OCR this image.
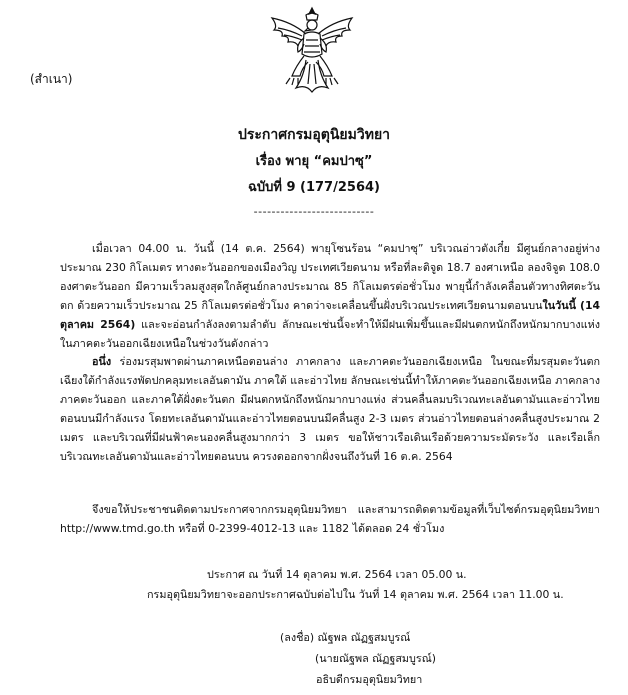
(สำเนา)
ประกาศกรมอุตุนิยมวิทยา
เรื่อง พายุ “คมปาซุ”
ฉบับที่ 9 (177/2564)
---------------------------
เมื่อเวลา 04.00 น. วันนี้ (14 ต.ค. 2564) พายุโซนร้อน “คมปาซุ” บริเวณอ่าวตังเกี๋ย มีศูนย์กลางอยู่ห่างประมาณ 230 กิโลเมตร ทางตะวันออกของเมืองวิญ ประเทศเวียดนาม หรือที่ละติจูด 18.7 องศาเหนือ ลองจิจูด 108.0 องศาตะวันออก มีความเร็วลมสูงสุดใกล้ศูนย์กลางประมาณ 85 กิโลเมตรต่อชั่วโมง พายุนี้กำลังเคลื่อนตัวทางทิศตะวันตก ด้วยความเร็วประมาณ 25 กิโลเมตรต่อชั่วโมง คาดว่าจะเคลื่อนขึ้นฝั่งบริเวณประเทศเวียดนามตอนบนในวันนี้ (14 ตุลาคม 2564) และจะอ่อนกำลังลงตามลำดับ ลักษณะเช่นนี้จะทำให้มีฝนเพิ่มขึ้นและมีฝนตกหนักถึงหนักมากบางแห่งในภาคตะวันออกเฉียงเหนือในช่วงวันดังกล่าว
อนึ่ง ร่องมรสุมพาดผ่านภาคเหนือตอนล่าง ภาคกลาง และภาคตะวันออกเฉียงเหนือ ในขณะที่มรสุมตะวันตกเฉียงใต้กำลังแรงพัดปกคลุมทะเลอันดามัน ภาคใต้ และอ่าวไทย ลักษณะเช่นนี้ทำให้ภาคตะวันออกเฉียงเหนือ ภาคกลาง ภาคตะวันออก และภาคใต้ฝั่งตะวันตก มีฝนตกหนักถึงหนักมากบางแห่ง ส่วนคลื่นลมบริเวณทะเลอันดามันและอ่าวไทยตอนบนมีกำลังแรง โดยทะเลอันดามันและอ่าวไทยตอนบนมีคลื่นสูง 2-3 เมตร ส่วนอ่าวไทยตอนล่างคลื่นสูงประมาณ 2 เมตร และบริเวณที่มีฝนฟ้าคะนองคลื่นสูงมากกว่า 3 เมตร ขอให้ชาวเรือเดินเรือด้วยความระมัดระวัง และเรือเล็กบริเวณทะเลอันดามันและอ่าวไทยตอนบน ควรงดออกจากฝั่งจนถึงวันที่ 16 ต.ค. 2564
จึงขอให้ประชาชนติดตามประกาศจากกรมอุตุนิยมวิทยา และสามารถติดตามข้อมูลที่เว็บไซต์กรมอุตุนิยมวิทยา http://www.tmd.go.th หรือที่ 0-2399-4012-13 และ 1182 ได้ตลอด 24 ชั่วโมง
ประกาศ ณ วันที่ 14 ตุลาคม พ.ศ. 2564 เวลา 05.00 น.
กรมอุตุนิยมวิทยาจะออกประกาศฉบับต่อไปใน วันที่ 14 ตุลาคม พ.ศ. 2564 เวลา 11.00 น.
(ลงชื่อ) ณัฐพล ณัฏฐสมบูรณ์
(นายณัฐพล ณัฏฐสมบูรณ์)
อธิบดีกรมอุตุนิยมวิทยา
